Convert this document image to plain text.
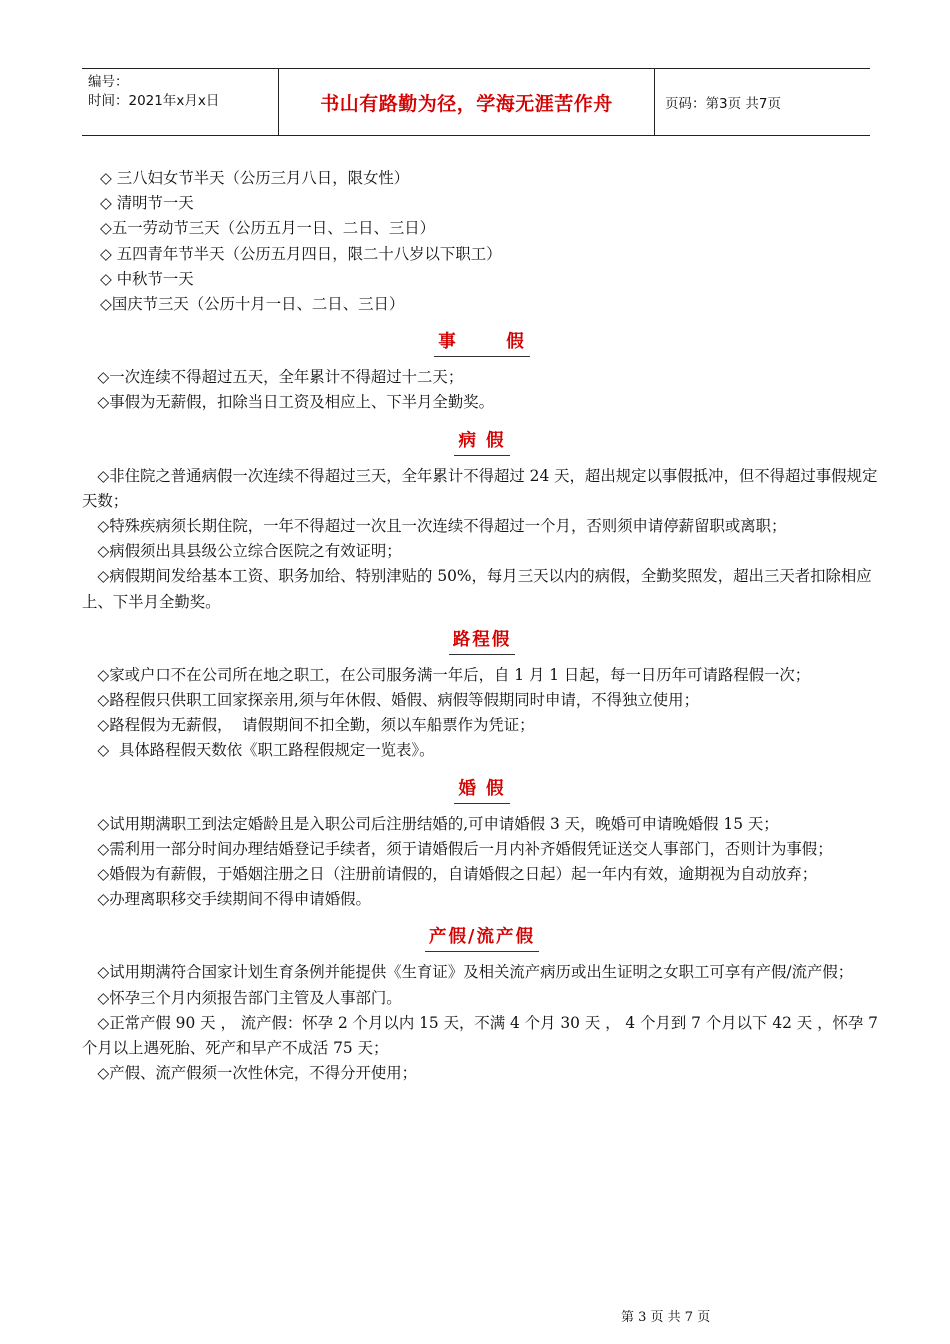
编号：
时间：2021年x月x日	书山有路勤为径，学海无涯苦作舟	页码：第3页 共7页
◇ 三八妇女节半天（公历三月八日，限女性）
◇ 清明节一天
◇五一劳动节三天（公历五月一日、二日、三日）
◇ 五四青年节半天（公历五月四日，限二十八岁以下职工）
◇ 中秋节一天
◇国庆节三天（公历十月一日、二日、三日）
事      假
◇一次连续不得超过五天，全年累计不得超过十二天；
◇事假为无薪假，扣除当日工资及相应上、下半月全勤奖。
病 假
◇非住院之普通病假一次连续不得超过三天，全年累计不得超过 24 天，超出规定以事假抵冲，但不得超过事假规定天数；
◇特殊疾病须长期住院，一年不得超过一次且一次连续不得超过一个月，否则须申请停薪留职或离职；
◇病假须出具县级公立综合医院之有效证明；
◇病假期间发给基本工资、职务加给、特别津贴的 50%，每月三天以内的病假，全勤奖照发，超出三天者扣除相应上、下半月全勤奖。
路程假
◇家或户口不在公司所在地之职工，在公司服务满一年后，自 1 月 1 日起，每一日历年可请路程假一次；
◇路程假只供职工回家探亲用,须与年休假、婚假、病假等假期同时申请，不得独立使用；
◇路程假为无薪假，  请假期间不扣全勤，须以车船票作为凭证；
◇  具体路程假天数依《职工路程假规定一览表》。
婚 假
◇试用期满职工到法定婚龄且是入职公司后注册结婚的,可申请婚假 3 天，晚婚可申请晚婚假 15 天；
◇需利用一部分时间办理结婚登记手续者，须于请婚假后一月内补齐婚假凭证送交人事部门，否则计为事假；
◇婚假为有薪假，于婚姻注册之日（注册前请假的，自请婚假之日起）起一年内有效，逾期视为自动放弃；
◇办理离职移交手续期间不得申请婚假。
产假/流产假
◇试用期满符合国家计划生育条例并能提供《生育证》及相关流产病历或出生证明之女职工可享有产假/流产假；
◇怀孕三个月内须报告部门主管及人事部门。
◇正常产假 90 天 ， 流产假：怀孕 2 个月以内 15 天，不满 4 个月 30 天 ， 4 个月到 7 个月以下 42 天 ，怀孕 7 个月以上遇死胎、死产和早产不成活 75 天；
◇产假、流产假须一次性休完，不得分开使用；
第 3 页 共 7 页
